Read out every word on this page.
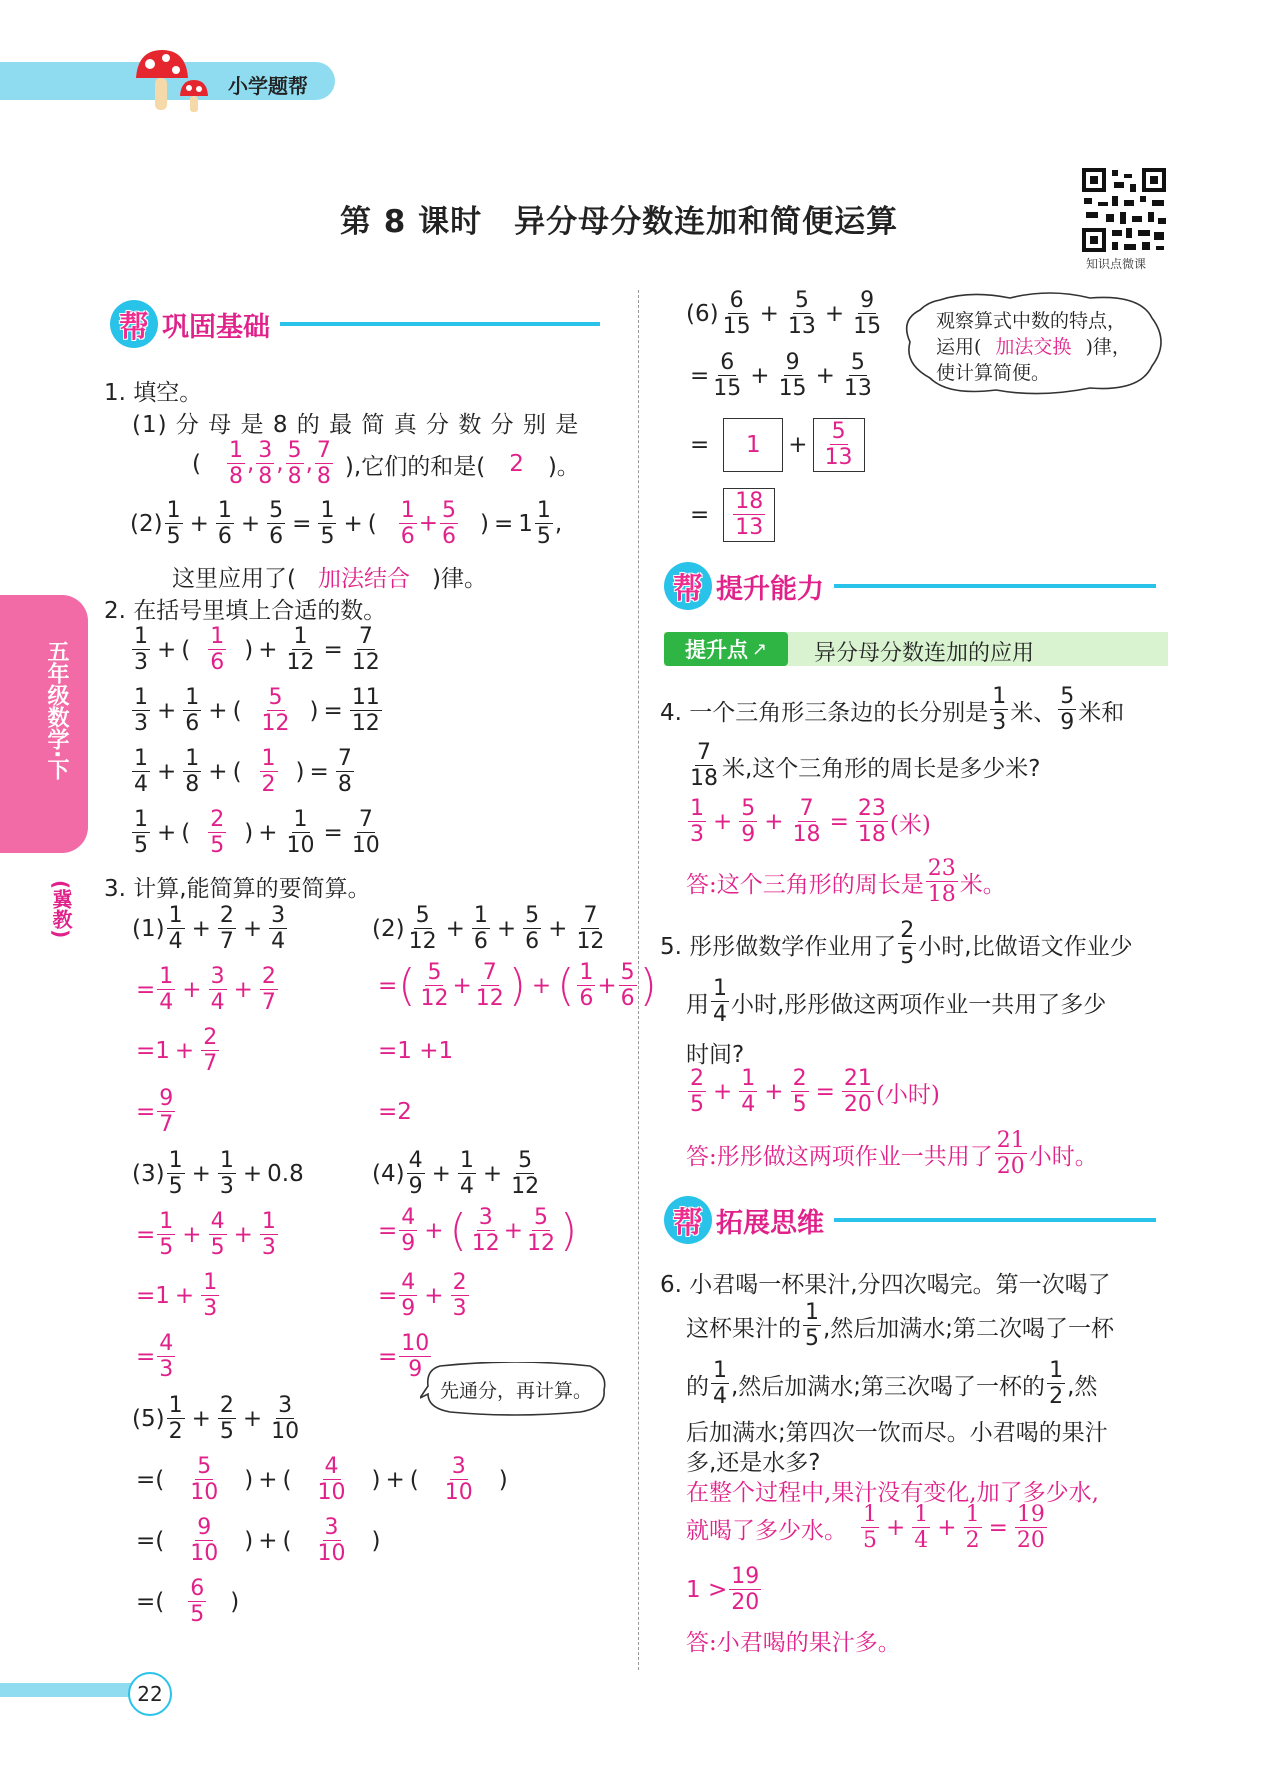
小学题帮
第 8 课时　异分母分数连加和简便运算
知识点微课
五年级数学·下
(冀教)
帮 巩固基础
1. 填空。
(1) 分 母 是 8 的 最 简 真 分 数 分 别 是
( $\frac{1}{8}$ , $\frac{3}{8}$ , $\frac{5}{8}$ , $\frac{7}{8}$ ),它们的和是( 2 )。
(2)
1
$5 + \frac{1}{6} + \frac{5}{6} = \frac{1}{5}$ + ( $\frac{1}{6} + \frac{5}{6}$ ) = $1 \frac{1}{5}$ ,
这里应用了( 加法结合 )律。
2. 在括号里填上合适的数。
1
3 + ( $\frac{1}{6}$ ) + $\frac{1}{12} = \frac{7}{12}$
1
$3 + \frac{1}{6}$ + ( $\frac{5}{12}$ ) = $\frac{11}{12}$
1
$4 + \frac{1}{8}$ + ( $\frac{1}{2}$ ) = $\frac{7}{8}$
1
5 + ( $\frac{2}{5}$ ) + $\frac{1}{10} = \frac{7}{10}$
3. 计算,能简算的要简算。
(1)
1
$4 + \frac{2}{7} + \frac{3}{4}$
=
1
$4 + \frac{3}{4} + \frac{2}{7}$
$=1 + \frac{2}{7}$
=
9
7
(2)
5
$12 + \frac{1}{6} + \frac{5}{6} + \frac{7}{12}$
= ( 5
12 +
7
12 ) + ( 1
6 +
5
6 )
=1 +1
=2
(3)
1
$5 + \frac{1}{3} + 0.8$
=
1
$5 + \frac{4}{5} + \frac{1}{3}$
$=1 + \frac{1}{3}$
=
4
3
(4)
4
$9 + \frac{1}{4} + \frac{5}{12}$
=
4
9 + ( 3
12 +
5
12 )
=
4
$9 + \frac{2}{3}$
=
10
9
先通分，再计算。
(5)
1
$2 + \frac{2}{5} + \frac{3}{10}$
=( $\frac{5}{10}$ ) + ( $\frac{4}{10}$ ) + ( $\frac{3}{10}$ )
=( $\frac{9}{10}$ ) + ( $\frac{3}{10}$ )
=( $\frac{6}{5}$ )
(6)
6
$15 + \frac{5}{13} + \frac{9}{15}$
=
6
$15 + \frac{9}{15} + \frac{5}{13}$
=	1	+
5
13
=
18
13
观察算式中数的特点，
运用( 加法交换 )律，
使计算简便。
帮 提升能力
提升点 ↗ 异分母分数连加的应用
4. 一个三角形三条边的长分别是
1
3 米、
5
9 米和
7
18 米,这个三角形的周长是多少米?
1
$3 + \frac{5}{9} + \frac{7}{18} = \frac{23}{18}$ (米)
答:这个三角形的周长是
23
18 米。
5. 彤彤做数学作业用了
2
5 小时,比做语文作业少
用
1
4 小时,彤彤做这两项作业一共用了多少
时间?
2
$5 + \frac{1}{4} + \frac{2}{5} = \frac{21}{20}$ (小时)
答:彤彤做这两项作业一共用了
21
20 小时。
帮 拓展思维
6. 小君喝一杯果汁,分四次喝完。第一次喝了
这杯果汁的
1
5 ,然后加满水;第二次喝了一杯
的
1
4 ,然后加满水;第三次喝了一杯的
1
2 ,然
后加满水;第四次一饮而尽。小君喝的果汁
多,还是水多?
在整个过程中,果汁没有变化,加了多少水,
就喝了多少水。
1
$5 + \frac{1}{4} + \frac{1}{2} = \frac{19}{20}$
1 >
19
20
答:小君喝的果汁多。
22
